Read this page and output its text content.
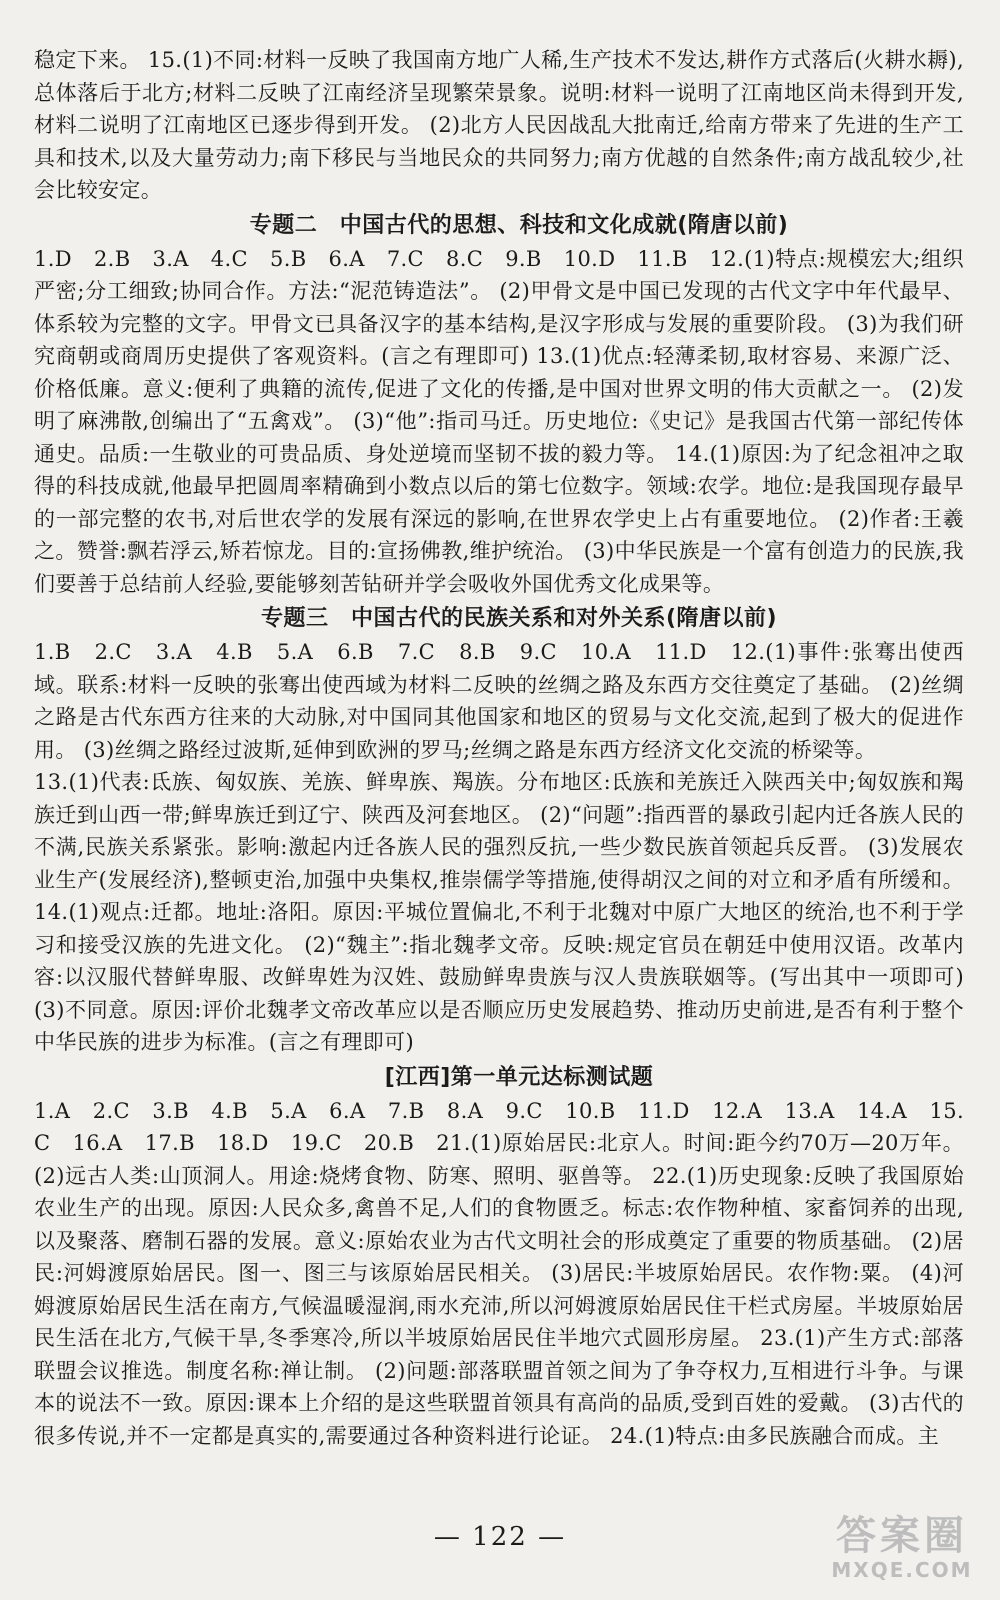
稳定下来。 15.(1)不同:材料一反映了我国南方地广人稀,生产技术不发达,耕作方式落后(火耕水耨),总体落后于北方;材料二反映了江南经济呈现繁荣景象。说明:材料一说明了江南地区尚未得到开发,材料二说明了江南地区已逐步得到开发。 (2)北方人民因战乱大批南迁,给南方带来了先进的生产工具和技术,以及大量劳动力;南下移民与当地民众的共同努力;南方优越的自然条件;南方战乱较少,社会比较安定。

专题二　中国古代的思想、科技和文化成就(隋唐以前)

1.D　2.B　3.A　4.C　5.B　6.A　7.C　8.C　9.B　10.D　11.B　12.(1)特点:规模宏大;组织严密;分工细致;协同合作。方法:“泥范铸造法”。 (2)甲骨文是中国已发现的古代文字中年代最早、体系较为完整的文字。甲骨文已具备汉字的基本结构,是汉字形成与发展的重要阶段。 (3)为我们研究商朝或商周历史提供了客观资料。(言之有理即可) 13.(1)优点:轻薄柔韧,取材容易、来源广泛、价格低廉。意义:便利了典籍的流传,促进了文化的传播,是中国对世界文明的伟大贡献之一。 (2)发明了麻沸散,创编出了“五禽戏”。 (3)“他”:指司马迁。历史地位:《史记》是我国古代第一部纪传体通史。品质:一生敬业的可贵品质、身处逆境而坚韧不拔的毅力等。 14.(1)原因:为了纪念祖冲之取得的科技成就,他最早把圆周率精确到小数点以后的第七位数字。领域:农学。地位:是我国现存最早的一部完整的农书,对后世农学的发展有深远的影响,在世界农学史上占有重要地位。 (2)作者:王羲之。赞誉:飘若浮云,矫若惊龙。目的:宣扬佛教,维护统治。 (3)中华民族是一个富有创造力的民族,我们要善于总结前人经验,要能够刻苦钻研并学会吸收外国优秀文化成果等。

专题三　中国古代的民族关系和对外关系(隋唐以前)

1.B　2.C　3.A　4.B　5.A　6.B　7.C　8.B　9.C　10.A　11.D　12.(1)事件:张骞出使西域。联系:材料一反映的张骞出使西域为材料二反映的丝绸之路及东西方交往奠定了基础。 (2)丝绸之路是古代东西方往来的大动脉,对中国同其他国家和地区的贸易与文化交流,起到了极大的促进作用。 (3)丝绸之路经过波斯,延伸到欧洲的罗马;丝绸之路是东西方经济文化交流的桥梁等。

13.(1)代表:氐族、匈奴族、羌族、鲜卑族、羯族。分布地区:氐族和羌族迁入陕西关中;匈奴族和羯族迁到山西一带;鲜卑族迁到辽宁、陕西及河套地区。 (2)“问题”:指西晋的暴政引起内迁各族人民的不满,民族关系紧张。影响:激起内迁各族人民的强烈反抗,一些少数民族首领起兵反晋。 (3)发展农业生产(发展经济),整顿吏治,加强中央集权,推崇儒学等措施,使得胡汉之间的对立和矛盾有所缓和。 14.(1)观点:迁都。地址:洛阳。原因:平城位置偏北,不利于北魏对中原广大地区的统治,也不利于学习和接受汉族的先进文化。 (2)“魏主”:指北魏孝文帝。反映:规定官员在朝廷中使用汉语。改革内容:以汉服代替鲜卑服、改鲜卑姓为汉姓、鼓励鲜卑贵族与汉人贵族联姻等。(写出其中一项即可) (3)不同意。原因:评价北魏孝文帝改革应以是否顺应历史发展趋势、推动历史前进,是否有利于整个中华民族的进步为标准。(言之有理即可)

[江西]第一单元达标测试题

1.A　2.C　3.B　4.B　5.A　6.A　7.B　8.A　9.C　10.B　11.D　12.A　13.A　14.A　15.C　16.A　17.B　18.D　19.C　20.B　21.(1)原始居民:北京人。时间:距今约70万—20万年。 (2)远古人类:山顶洞人。用途:烧烤食物、防寒、照明、驱兽等。 22.(1)历史现象:反映了我国原始农业生产的出现。原因:人民众多,禽兽不足,人们的食物匮乏。标志:农作物种植、家畜饲养的出现,以及聚落、磨制石器的发展。意义:原始农业为古代文明社会的形成奠定了重要的物质基础。 (2)居民:河姆渡原始居民。图一、图三与该原始居民相关。 (3)居民:半坡原始居民。农作物:粟。 (4)河姆渡原始居民生活在南方,气候温暖湿润,雨水充沛,所以河姆渡原始居民住干栏式房屋。半坡原始居民生活在北方,气候干旱,冬季寒冷,所以半坡原始居民住半地穴式圆形房屋。 23.(1)产生方式:部落联盟会议推选。制度名称:禅让制。 (2)问题:部落联盟首领之间为了争夺权力,互相进行斗争。与课本的说法不一致。原因:课本上介绍的是这些联盟首领具有高尚的品质,受到百姓的爱戴。 (3)古代的很多传说,并不一定都是真实的,需要通过各种资料进行论证。 24.(1)特点:由多民族融合而成。主

— 122 —	答案圈
MXQE.COM
